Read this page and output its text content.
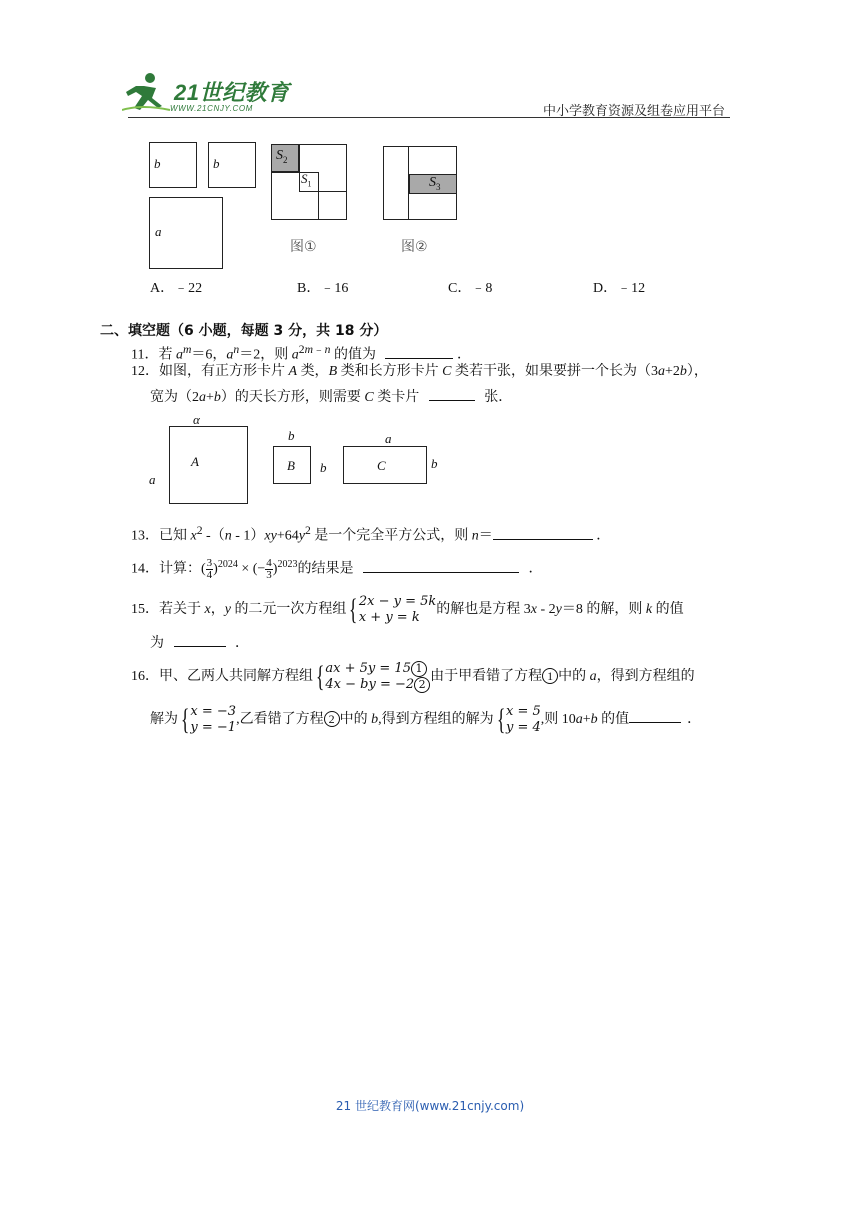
21世纪教育
WWW.21CNJY.COM	中小学教育资源及组卷应用平台
b	b
a
$S_2$
$S_1$
图①
$S_3$
图②
A．﹣22	B．﹣16	C．﹣8	D．﹣12
二、填空题（6 小题，每题 3 分，共 18 分）
11．若 $a^m=6$，$a^n=2$，则 $a^{2m﹣n}$ 的值为	．
12．如图，有正方形卡片 A 类，B 类和长方形卡片 C 类若干张，如果要拼一个长为（3a+2b），
宽为（2a+b）的天长方形，则需要 C 类卡片	张．
α
a
A
b
B b
a
C	b
13．已知 $x^2$ $-(n - 1)xy+64y^2$ 是一个完全平方公式，则 n＝	．
14．计算：( $\frac{3}{4} )^{2024}$ × (− $\frac{4}{3} )^{2023}$的结果是	．
15．若关于 x，y 的二元一次方程组{ 2x − y = 5k
x + y = k
的解也是方程 3x - 2y＝8 的解，则 k 的值
为	．
16．甲、乙两人共同解方程组{ ax + 5y = 15 1
4x − by = −2 2
由于甲看错了方程 1 中的 a，得到方程组的
解为{ x = −3
y = −1
,乙看错了方程 2 中的 b,得到方程组的解为{ x = 5
y = 4
,则 10a+b 的值	．
21 世纪教育网(www.21cnjy.com)
